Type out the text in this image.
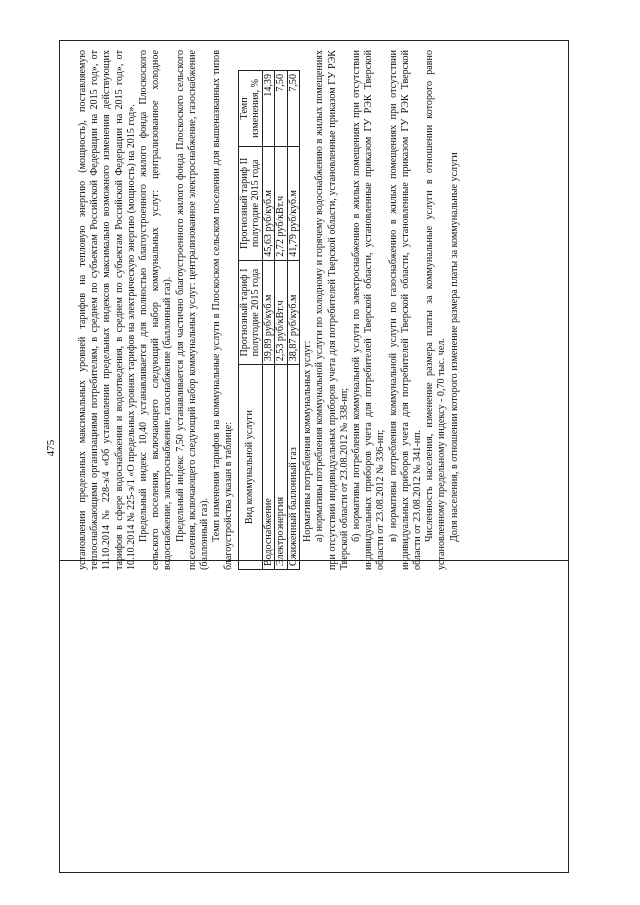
475 установлении предельных максимальных уровней тарифов на тепловую энергию (мощность), поставляемую теплоснабжающими организациями потребителям, в среднем по субъектам Российской Федерации на 2015 год», от 11.10.2014 № 228-э/4 «Об установлении предельных индексов максимально возможного изменения действующих тарифов в сфере водоснабжения и водоотведения, в среднем по субъектам Российской Федерации на 2015 год», от 10.10.2014 № 225-э/1 «О предельных уровнях тарифов на электрическую энергию (мощность) на 2015 год». Предельный индекс 10,40 устанавливается для полностью благоустроенного жилого фонда Плоскоского сельского поселения, включающего следующий набор коммунальных услуг: централизованное холодное водоснабжение, электроснабжение, газоснабжение (баллонный газ). Предельный индекс 7,50 устанавливается для частично благоустроенного жилого фонда Плоскоского сельского поселения, включающего следующий набор коммунальных услуг: централизованное электроснабжение, газоснабжение (баллонный газ). Темп изменения тарифов на коммунальные услуги в Плоскоском сельском поселении для вышеназванных типов благоустройства указан в таблице: Вид коммунальной услуги	Прогнозный тариф I полугодие 2015 года	Прогнозный тариф II полугодие 2015 года	Темп изменения, %
Водоснабжение	39,89 руб/куб.м	45,63 руб/куб.м	14,39
Электроэнергия	2,53 руб/кВт.ч	2,72 руб/кВт.ч	7,50
Сжиженный баллонный газ	38,87 руб/куб.м	41,79 руб/куб.м	7,50

Нормативы потребления коммунальных услуг: а) нормативы потребления коммунальной услуги по холодному и горячему водоснабжению в жилых помещениях при отсутствии индивидуальных приборов учета для потребителей Тверской области, установленные приказом ГУ РЭК Тверской области от 23.08.2012 № 338-нп; б) нормативы потребления коммунальной услуги по электроснабжению в жилых помещениях при отсутствии индивидуальных приборов учета для потребителей Тверской области, установленные приказом ГУ РЭК Тверской области от 23.08.2012 № 336-нп; в) нормативы потребления коммунальной услуги по газоснабжению в жилых помещениях при отсутствии индивидуальных приборов учета для потребителей Тверской области, установленные приказом ГУ РЭК Тверской области от 23.08.2012 № 341-нп. Численность населения, изменение размера платы за коммунальные услуги в отношении которого равно установленному предельному индексу - 0,70 тыс. чел. Доля населения, в отношении которого изменение размера платы за коммунальные услуги
